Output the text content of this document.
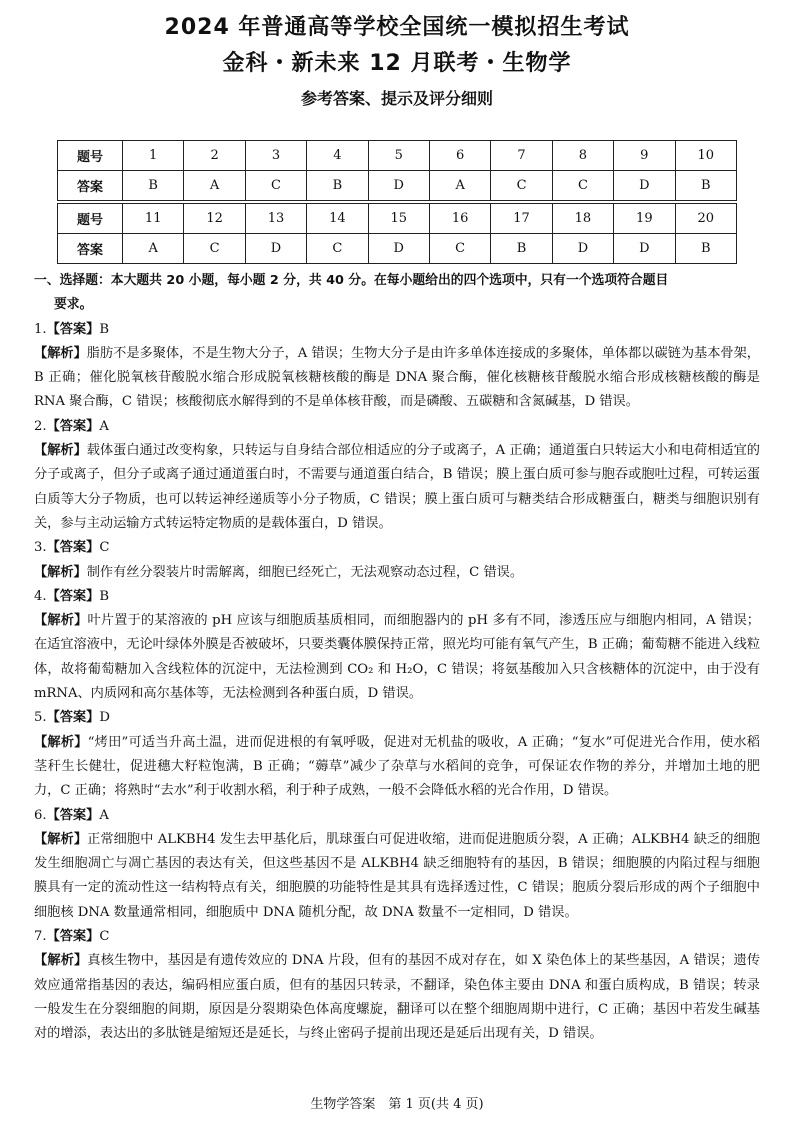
2024 年普通高等学校全国统一模拟招生考试
金科・新未来 12 月联考・生物学
参考答案、提示及评分细则
题号	1	2	3	4	5	6	7	8	9	10
答案	B	A	C	B	D	A	C	C	D	B

题号	11	12	13	14	15	16	17	18	19	20
答案	A	C	D	C	D	C	B	D	D	B
一、选择题：本大题共 20 小题，每小题 2 分，共 40 分。在每小题给出的四个选项中，只有一个选项符合题目
要求。
1.【答案】B
【解析】脂肪不是多聚体，不是生物大分子，A 错误；生物大分子是由许多单体连接成的多聚体，单体都以碳链为基本骨架，B 正确；催化脱氧核苷酸脱水缩合形成脱氧核糖核酸的酶是 DNA 聚合酶，催化核糖核苷酸脱水缩合形成核糖核酸的酶是 RNA 聚合酶，C 错误；核酸彻底水解得到的不是单体核苷酸，而是磷酸、五碳糖和含氮碱基，D 错误。
2.【答案】A
【解析】载体蛋白通过改变构象，只转运与自身结合部位相适应的分子或离子，A 正确；通道蛋白只转运大小和电荷相适宜的分子或离子，但分子或离子通过通道蛋白时，不需要与通道蛋白结合，B 错误；膜上蛋白质可参与胞吞或胞吐过程，可转运蛋白质等大分子物质，也可以转运神经递质等小分子物质，C 错误；膜上蛋白质可与糖类结合形成糖蛋白，糖类与细胞识别有关，参与主动运输方式转运特定物质的是载体蛋白，D 错误。
3.【答案】C
【解析】制作有丝分裂装片时需解离，细胞已经死亡，无法观察动态过程，C 错误。
4.【答案】B
【解析】叶片置于的某溶液的 pH 应该与细胞质基质相同，而细胞器内的 pH 多有不同，渗透压应与细胞内相同，A 错误；在适宜溶液中，无论叶绿体外膜是否被破坏，只要类囊体膜保持正常，照光均可能有氧气产生，B 正确；葡萄糖不能进入线粒体，故将葡萄糖加入含线粒体的沉淀中，无法检测到 CO₂ 和 H₂O，C 错误；将氨基酸加入只含核糖体的沉淀中，由于没有 mRNA、内质网和高尔基体等，无法检测到各种蛋白质，D 错误。
5.【答案】D
【解析】“烤田”可适当升高土温，进而促进根的有氧呼吸，促进对无机盐的吸收，A 正确；“复水”可促进光合作用，使水稻茎秆生长健壮，促进穗大籽粒饱满，B 正确；“薅草”减少了杂草与水稻间的竞争，可保证农作物的养分，并增加土地的肥力，C 正确；将熟时“去水”利于收割水稻，利于种子成熟，一般不会降低水稻的光合作用，D 错误。
6.【答案】A
【解析】正常细胞中 ALKBH4 发生去甲基化后，肌球蛋白可促进收缩，进而促进胞质分裂，A 正确；ALKBH4 缺乏的细胞发生细胞凋亡与凋亡基因的表达有关，但这些基因不是 ALKBH4 缺乏细胞特有的基因，B 错误；细胞膜的内陷过程与细胞膜具有一定的流动性这一结构特点有关，细胞膜的功能特性是其具有选择透过性，C 错误；胞质分裂后形成的两个子细胞中细胞核 DNA 数量通常相同，细胞质中 DNA 随机分配，故 DNA 数量不一定相同，D 错误。
7.【答案】C
【解析】真核生物中，基因是有遗传效应的 DNA 片段，但有的基因不成对存在，如 X 染色体上的某些基因，A 错误；遗传效应通常指基因的表达，编码相应蛋白质，但有的基因只转录，不翻译，染色体主要由 DNA 和蛋白质构成，B 错误；转录一般发生在分裂细胞的间期，原因是分裂期染色体高度螺旋，翻译可以在整个细胞周期中进行，C 正确；基因中若发生碱基对的增添，表达出的多肽链是缩短还是延长，与终止密码子提前出现还是延后出现有关，D 错误。
生物学答案　第 1 页(共 4 页)
